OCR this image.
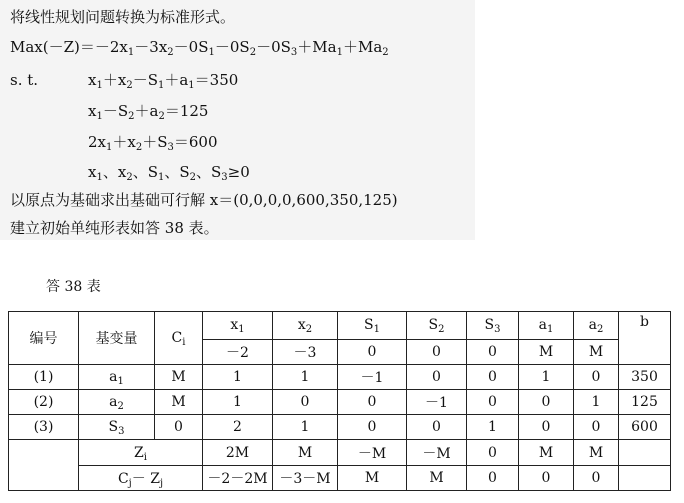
将线性规划问题转换为标准形式。
$Max(-Z)=-2x_1-3x_2-0S_1-0S_2-0S_3+Ma_1+Ma_2$
s. t.	$x_1+x_2-S_1+a_1=350$
$x_1-S_2+a_2=125$
$2x_1+x_2+S_3=600$
$x_1$、$x_2$、$S_1$、$S_2$、$S_3\ge 0$
以原点为基础求出基础可行解 x＝(0,0,0,0,600,350,125)
建立初始单纯形表如答 38 表。
答 38 表
编号	基变量	$C_i$	$x_1$	$x_2$	$S_1$	$S_2$	$S_3$	$a_1$	$a_2$	b
			－2	－3	0	0	0	M	M	
(1)	$a_1$	M	1	1	－1	0	0	1	0	350
(2)	$a_2$	M	1	0	0	－1	0	0	1	125
(3)	$S_3$	0	2	1	0	0	1	0	0	600
	$Z_i$		2M	M	－M	－M	0	M	M	
	$C_j- Z_j$		－2－2M	－3－M	M	M	0	0	0	
